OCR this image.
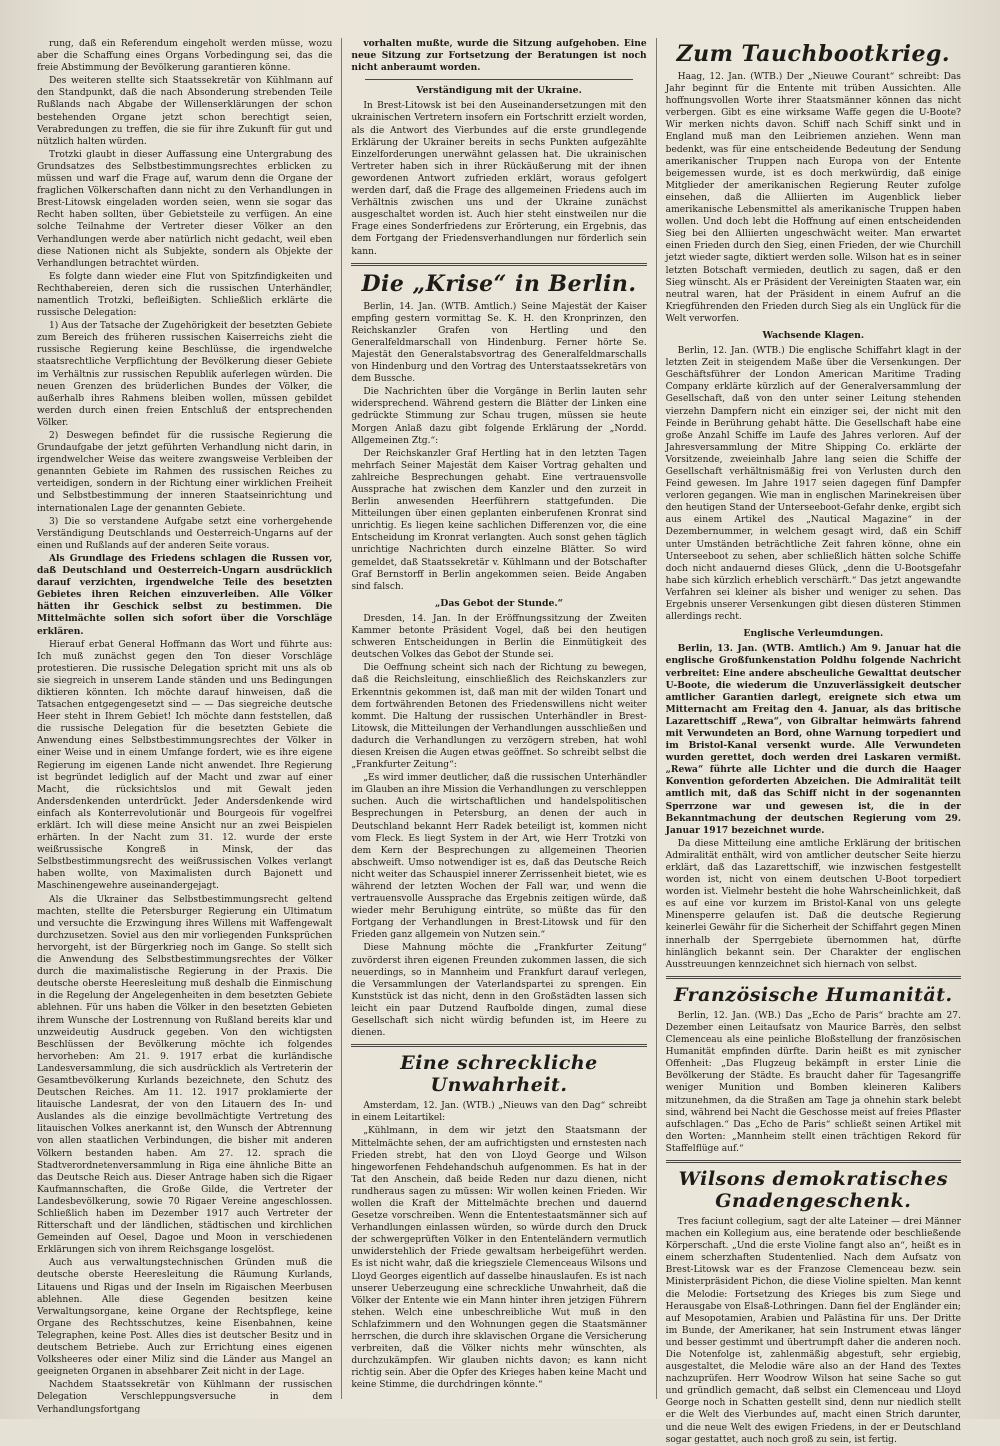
rung, daß ein Referendum eingeholt werden müsse, wozu aber die Schaffung eines Organs Vorbedingung sei, das die freie Abstimmung der Bevölkerung garantieren könne.

Des weiteren stellte sich Staatssekretär von Kühlmann auf den Standpunkt, daß die nach Absonderung strebenden Teile Rußlands nach Abgabe der Willenserklärungen der schon bestehenden Organe jetzt schon berechtigt seien, Verabredungen zu treffen, die sie für ihre Zukunft für gut und nützlich halten würden.

Trotzki glaubt in dieser Auffassung eine Untergrabung des Grundsatzes des Selbstbestimmungsrechtes erblicken zu müssen und warf die Frage auf, warum denn die Organe der fraglichen Völkerschaften dann nicht zu den Verhandlungen in Brest-Litowsk eingeladen worden seien, wenn sie sogar das Recht haben sollten, über Gebietsteile zu verfügen. An eine solche Teilnahme der Vertreter dieser Völker an den Verhandlungen werde aber natürlich nicht gedacht, weil eben diese Nationen nicht als Subjekte, sondern als Objekte der Verhandlungen betrachtet würden.

Es folgte dann wieder eine Flut von Spitzfindigkeiten und Rechthabereien, deren sich die russischen Unterhändler, namentlich Trotzki, befleißigten. Schließlich erklärte die russische Delegation:

1) Aus der Tatsache der Zugehörigkeit der besetzten Gebiete zum Bereich des früheren russischen Kaiserreichs zieht die russische Regierung keine Beschlüsse, die irgendwelche staatsrechtliche Verpflichtung der Bevölkerung dieser Gebiete im Verhältnis zur russischen Republik auferlegen würden. Die neuen Grenzen des brüderlichen Bundes der Völker, die außerhalb ihres Rahmens bleiben wollen, müssen gebildet werden durch einen freien Entschluß der entsprechenden Völker.

2) Deswegen befindet für die russische Regierung die Grundaufgabe der jetzt geführten Verhandlung nicht darin, in irgendwelcher Weise das weitere zwangsweise Verbleiben der genannten Gebiete im Rahmen des russischen Reiches zu verteidigen, sondern in der Richtung einer wirklichen Freiheit und Selbstbestimmung der inneren Staatseinrichtung und internationalen Lage der genannten Gebiete.

3) Die so verstandene Aufgabe setzt eine vorhergehende Verständigung Deutschlands und Oesterreich-Ungarns auf der einen und Rußlands auf der anderen Seite voraus.

Als Grundlage des Friedens schlagen die Russen vor, daß Deutschland und Oesterreich-Ungarn ausdrücklich darauf verzichten, irgendwelche Teile des besetzten Gebietes ihren Reichen einzuverleiben. Alle Völker hätten ihr Geschick selbst zu bestimmen. Die Mittelmächte sollen sich sofort über die Vorschläge erklären.

Hierauf erbat General Hoffmann das Wort und führte aus: Ich muß zunächst gegen den Ton dieser Vorschläge protestieren. Die russische Delegation spricht mit uns als ob sie siegreich in unserem Lande ständen und uns Bedingungen diktieren könnten. Ich möchte darauf hinweisen, daß die Tatsachen entgegengesetzt sind — — Das siegreiche deutsche Heer steht in Ihrem Gebiet! Ich möchte dann feststellen, daß die russische Delegation für die besetzten Gebiete die Anwendung eines Selbstbestimmungsrechtes der Völker in einer Weise und in einem Umfange fordert, wie es ihre eigene Regierung im eigenen Lande nicht anwendet. Ihre Regierung ist begründet lediglich auf der Macht und zwar auf einer Macht, die rücksichtslos und mit Gewalt jeden Andersdenkenden unterdrückt. Jeder Andersdenkende wird einfach als Konterrevolutionär und Bourgeois für vogelfrei erklärt. Ich will diese meine Ansicht nur an zwei Beispielen erhärten. In der Nacht zum 31. 12. wurde der erste weißrussische Kongreß in Minsk, der das Selbstbestimmungsrecht des weißrussischen Volkes verlangt haben wollte, von Maximalisten durch Bajonett und Maschinengewehre auseinandergejagt.

Als die Ukrainer das Selbstbestimmungsrecht geltend machten, stellte die Petersburger Regierung ein Ultimatum und versuchte die Erzwingung ihres Willens mit Waffengewalt durchzusetzen. Soviel aus den mir vorliegenden Funksprüchen hervorgeht, ist der Bürgerkrieg noch im Gange. So stellt sich die Anwendung des Selbstbestimmungsrechtes der Völker durch die maximalistische Regierung in der Praxis. Die deutsche oberste Heeresleitung muß deshalb die Einmischung in die Regelung der Angelegenheiten in dem besetzten Gebiete ablehnen. Für uns haben die Völker in den besetzten Gebieten ihrem Wunsche der Lostrennung von Rußland bereits klar und unzweideutig Ausdruck gegeben. Von den wichtigsten Beschlüssen der Bevölkerung möchte ich folgendes hervorheben: Am 21. 9. 1917 erbat die kurländische Landesversammlung, die sich ausdrücklich als Vertreterin der Gesamtbevölkerung Kurlands bezeichnete, den Schutz des Deutschen Reiches. Am 11. 12. 1917 proklamierte der litauische Landesrat, der von den Litauern des In- und Auslandes als die einzige bevollmächtigte Vertretung des litauischen Volkes anerkannt ist, den Wunsch der Abtrennung von allen staatlichen Verbindungen, die bisher mit anderen Völkern bestanden haben. Am 27. 12. sprach die Stadtverordnetenversammlung in Riga eine ähnliche Bitte an das Deutsche Reich aus. Dieser Antrage haben sich die Rigaer Kaufmannschaften, die Große Gilde, die Vertreter der Landesbevölkerung, sowie 70 Rigaer Vereine angeschlossen. Schließlich haben im Dezember 1917 auch Vertreter der Ritterschaft und der ländlichen, städtischen und kirchlichen Gemeinden auf Oesel, Dagoe und Moon in verschiedenen Erklärungen sich von ihrem Reichsgange losgelöst.

Auch aus verwaltungstechnischen Gründen muß die deutsche oberste Heeresleitung die Räumung Kurlands, Litauens und Rigas und der Inseln im Rigaischen Meerbusen ablehnen. Alle diese Gegenden besitzen keine Verwaltungsorgane, keine Organe der Rechtspflege, keine Organe des Rechtsschutzes, keine Eisenbahnen, keine Telegraphen, keine Post. Alles dies ist deutscher Besitz und in deutschem Betriebe. Auch zur Errichtung eines eigenen Volksheeres oder einer Miliz sind die Länder aus Mangel an geeigneten Organen in absehbarer Zeit nicht in der Lage.

Nachdem Staatssekretär von Kühlmann der russischen Delegation Verschleppungsversuche in dem Verhandlungsfortgang

vorhalten mußte, wurde die Sitzung aufgehoben. Eine neue Sitzung zur Fortsetzung der Beratungen ist noch nicht anberaumt worden.

Verständigung mit der Ukraine.

In Brest-Litowsk ist bei den Auseinandersetzungen mit den ukrainischen Vertretern insofern ein Fortschritt erzielt worden, als die Antwort des Vierbundes auf die erste grundlegende Erklärung der Ukrainer bereits in sechs Punkten aufgezählte Einzelforderungen unerwähnt gelassen hat. Die ukrainischen Vertreter haben sich in ihrer Rückäußerung mit der ihnen gewordenen Antwort zufrieden erklärt, woraus gefolgert werden darf, daß die Frage des allgemeinen Friedens auch im Verhältnis zwischen uns und der Ukraine zunächst ausgeschaltet worden ist. Auch hier steht einstweilen nur die Frage eines Sonderfriedens zur Erörterung, ein Ergebnis, das dem Fortgang der Friedensverhandlungen nur förderlich sein kann.

Die „Krise“ in Berlin.

Berlin, 14. Jan. (WTB. Amtlich.) Seine Majestät der Kaiser empfing gestern vormittag Se. K. H. den Kronprinzen, den Reichskanzler Grafen von Hertling und den Generalfeldmarschall von Hindenburg. Ferner hörte Se. Majestät den Generalstabsvortrag des Generalfeldmarschalls von Hindenburg und den Vortrag des Unterstaatssekretärs von dem Bussche.

Die Nachrichten über die Vorgänge in Berlin lauten sehr widersprechend. Während gestern die Blätter der Linken eine gedrückte Stimmung zur Schau trugen, müssen sie heute Morgen Anlaß dazu gibt folgende Erklärung der „Nordd. Allgemeinen Ztg.“:

Der Reichskanzler Graf Hertling hat in den letzten Tagen mehrfach Seiner Majestät dem Kaiser Vortrag gehalten und zahlreiche Besprechungen gehabt. Eine vertrauensvolle Aussprache hat zwischen dem Kanzler und den zurzeit in Berlin anwesenden Heerführern stattgefunden. Die Mitteilungen über einen geplanten einberufenen Kronrat sind unrichtig. Es liegen keine sachlichen Differenzen vor, die eine Entscheidung im Kronrat verlangten. Auch sonst gehen täglich unrichtige Nachrichten durch einzelne Blätter. So wird gemeldet, daß Staatssekretär v. Kühlmann und der Botschafter Graf Bernstorff in Berlin angekommen seien. Beide Angaben sind falsch.

„Das Gebot der Stunde.“

Dresden, 14. Jan. In der Eröffnungssitzung der Zweiten Kammer betonte Präsident Vogel, daß bei den heutigen schweren Entscheidungen in Berlin die Einmütigkeit des deutschen Volkes das Gebot der Stunde sei.

Die Oeffnung scheint sich nach der Richtung zu bewegen, daß die Reichsleitung, einschließlich des Reichskanzlers zur Erkenntnis gekommen ist, daß man mit der wilden Tonart und dem fortwährenden Betonen des Friedenswillens nicht weiter kommt. Die Haltung der russischen Unterhändler in Brest-Litowsk, die Mitteilungen der Verhandlungen ausschließen und dadurch die Verhandlungen zu verzögern streben, hat wohl diesen Kreisen die Augen etwas geöffnet. So schreibt selbst die „Frankfurter Zeitung“:

„Es wird immer deutlicher, daß die russischen Unterhändler im Glauben an ihre Mission die Verhandlungen zu verschleppen suchen. Auch die wirtschaftlichen und handelspolitischen Besprechungen in Petersburg, an denen der auch in Deutschland bekannt Herr Radek beteiligt ist, kommen nicht vom Fleck. Es liegt System in der Art, wie Herr Trotzki von dem Kern der Besprechungen zu allgemeinen Theorien abschweift. Umso notwendiger ist es, daß das Deutsche Reich nicht weiter das Schauspiel innerer Zerrissenheit bietet, wie es während der letzten Wochen der Fall war, und wenn die vertrauensvolle Aussprache das Ergebnis zeitigen würde, daß wieder mehr Beruhigung eintrüte, so müßte das für den Fortgang der Verhandlungen in Brest-Litowsk und für den Frieden ganz allgemein von Nutzen sein.“

Diese Mahnung möchte die „Frankfurter Zeitung“ zuvörderst ihren eigenen Freunden zukommen lassen, die sich neuerdings, so in Mannheim und Frankfurt darauf verlegen, die Versammlungen der Vaterlandspartei zu sprengen. Ein Kunststück ist das nicht, denn in den Großstädten lassen sich leicht ein paar Dutzend Raufbolde dingen, zumal diese Gesellschaft sich nicht würdig befunden ist, im Heere zu dienen.

Eine schreckliche Unwahrheit.

Amsterdam, 12. Jan. (WTB.) „Nieuws van den Dag“ schreibt in einem Leitartikel:

„Kühlmann, in dem wir jetzt den Staatsmann der Mittelmächte sehen, der am aufrichtigsten und ernstesten nach Frieden strebt, hat den von Lloyd George und Wilson hingeworfenen Fehdehandschuh aufgenommen. Es hat in der Tat den Anschein, daß beide Reden nur dazu dienen, nicht rundheraus sagen zu müssen: Wir wollen keinen Frieden. Wir wollen die Kraft der Mittelmächte brechen und dauernd Gesetze vorschreiben. Wenn die Ententestaatsmänner sich auf Verhandlungen einlassen würden, so würde durch den Druck der schwergeprüften Völker in den Ententeländern vermutlich unwiderstehlich der Friede gewaltsam herbeigeführt werden. Es ist nicht wahr, daß die kriegsziele Clemenceaus Wilsons und Lloyd Georges eigentlich auf dasselbe hinauslaufen. Es ist nach unserer Ueberzeugung eine schreckliche Unwahrheit, daß die Völker der Entente wie ein Mann hinter ihren jetzigen Führern stehen. Welch eine unbeschreibliche Wut muß in den Schlafzimmern und den Wohnungen gegen die Staatsmänner herrschen, die durch ihre sklavischen Organe die Versicherung verbreiten, daß die Völker nichts mehr wünschten, als durchzukämpfen. Wir glauben nichts davon; es kann nicht richtig sein. Aber die Opfer des Krieges haben keine Macht und keine Stimme, die durchdringen könnte.“

Zum Tauchbootkrieg.

Haag, 12. Jan. (WTB.) Der „Nieuwe Courant“ schreibt: Das Jahr beginnt für die Entente mit trüben Aussichten. Alle hoffnungsvollen Worte ihrer Staatsmänner können das nicht verbergen. Gibt es eine wirksame Waffe gegen die U-Boote? Wir merken nichts davon. Schiff nach Schiff sinkt und in England muß man den Leibriemen anziehen. Wenn man bedenkt, was für eine entscheidende Bedeutung der Sendung amerikanischer Truppen nach Europa von der Entente beigemessen wurde, ist es doch merkwürdig, daß einige Mitglieder der amerikanischen Regierung Reuter zufolge einsehen, daß die Alliierten im Augenblick lieber amerikanische Lebensmittel als amerikanische Truppen haben wollen. Und doch lebt die Hoffnung auf einen entscheidenden Sieg bei den Alliierten ungeschwächt weiter. Man erwartet einen Frieden durch den Sieg, einen Frieden, der wie Churchill jetzt wieder sagte, diktiert werden solle. Wilson hat es in seiner letzten Botschaft vermieden, deutlich zu sagen, daß er den Sieg wünscht. Als er Präsident der Vereinigten Staaten war, ein neutral waren, hat der Präsident in einem Aufruf an die Kriegführenden den Frieden durch Sieg als ein Unglück für die Welt verworfen.

Wachsende Klagen.

Berlin, 12. Jan. (WTB.) Die englische Schiffahrt klagt in der letzten Zeit in steigendem Maße über die Versenkungen. Der Geschäftsführer der London American Maritime Trading Company erklärte kürzlich auf der Generalversammlung der Gesellschaft, daß von den unter seiner Leitung stehenden vierzehn Dampfern nicht ein einziger sei, der nicht mit den Feinde in Berührung gehabt hätte. Die Gesellschaft habe eine große Anzahl Schiffe im Laufe des Jahres verloren. Auf der Jahresversammlung der Mitre Shipping Co. erklärte der Vorsitzende, zweieinhalb Jahre lang seien die Schiffe der Gesellschaft verhältnismäßig frei von Verlusten durch den Feind gewesen. Im Jahre 1917 seien dagegen fünf Dampfer verloren gegangen. Wie man in englischen Marinekreisen über den heutigen Stand der Unterseeboot-Gefahr denke, ergibt sich aus einem Artikel des „Nautical Magazine“ in der Dezembernummer, in welchem gesagt wird, daß ein Schiff unter Umständen beträchtliche Zeit fahren könne, ohne ein Unterseeboot zu sehen, aber schließlich hätten solche Schiffe doch nicht andauernd dieses Glück, „denn die U-Bootsgefahr habe sich kürzlich erheblich verschärft.“ Das jetzt angewandte Verfahren sei kleiner als bisher und weniger zu sehen. Das Ergebnis unserer Versenkungen gibt diesen düsteren Stimmen allerdings recht.

Englische Verleumdungen.

Berlin, 13. Jan. (WTB. Amtlich.) Am 9. Januar hat die englische Großfunkenstation Poldhu folgende Nachricht verbreitet: Eine andere abscheuliche Gewalttat deutscher U-Boote, die wiederum die Unzuverlässigkeit deutscher amtlicher Garantien darlegt, ereignete sich etwa um Mitternacht am Freitag den 4. Januar, als das britische Lazarettschiff „Rewa“, von Gibraltar heimwärts fahrend mit Verwundeten an Bord, ohne Warnung torpediert und im Bristol-Kanal versenkt wurde. Alle Verwundeten wurden gerettet, doch werden drei Laskaren vermißt. „Rewa“ führte alle Lichter und die durch die Haager Konvention geforderten Abzeichen. Die Admiralität teilt amtlich mit, daß das Schiff nicht in der sogenannten Sperrzone war und gewesen ist, die in der Bekanntmachung der deutschen Regierung vom 29. Januar 1917 bezeichnet wurde.

Da diese Mitteilung eine amtliche Erklärung der britischen Admiralität enthält, wird von amtlicher deutscher Seite hierzu erklärt, daß das Lazarettschiff, wie inzwischen festgestellt worden ist, nicht von einem deutschen U-Boot torpediert worden ist. Vielmehr besteht die hohe Wahrscheinlichkeit, daß es auf eine vor kurzem im Bristol-Kanal von uns gelegte Minensperre gelaufen ist. Daß die deutsche Regierung keinerlei Gewähr für die Sicherheit der Schiffahrt gegen Minen innerhalb der Sperrgebiete übernommen hat, dürfte hinlänglich bekannt sein. Der Charakter der englischen Ausstreuungen kennzeichnet sich hiernach von selbst.

Französische Humanität.

Berlin, 12. Jan. (WB.) Das „Echo de Paris“ brachte am 27. Dezember einen Leitaufsatz von Maurice Barrès, den selbst Clemenceau als eine peinliche Bloßstellung der französischen Humanität empfinden dürfte. Darin heißt es mit zynischer Offenheit: „Das Flugzeug bekämpft in erster Linie die Bevölkerung der Städte. Es braucht daher für Tagesangriffe weniger Munition und Bomben kleineren Kalibers mitzunehmen, da die Straßen am Tage ja ohnehin stark belebt sind, während bei Nacht die Geschosse meist auf freies Pflaster aufschlagen.“ Das „Echo de Paris“ schließt seinen Artikel mit den Worten: „Mannheim stellt einen trächtigen Rekord für Staffelflüge auf.“

Wilsons demokratisches Gnadengeschenk.

Tres faciunt collegium, sagt der alte Lateiner — drei Männer machen ein Kollegium aus, eine beratende oder beschließende Körperschaft. „Und die erste Violine fangt also an“, heißt es in einem scherzhaften Studentenlied. Nach dem Aufsatz von Brest-Litowsk war es der Franzose Clemenceau bezw. sein Ministerpräsident Pichon, die diese Violine spielten. Man kennt die Melodie: Fortsetzung des Krieges bis zum Siege und Herausgabe von Elsaß-Lothringen. Dann fiel der Engländer ein; auf Mesopotamien, Arabien und Palästina für uns. Der Dritte im Bunde, der Amerikaner, hat sein Instrument etwas länger und besser gestimmt und übertrumpft daher die anderen noch. Die Notenfolge ist, zahlenmäßig abgestuft, sehr ergiebig, ausgestaltet, die Melodie wäre also an der Hand des Textes nachzuprüfen. Herr Woodrow Wilson hat seine Sache so gut und gründlich gemacht, daß selbst ein Clemenceau und Lloyd George noch in Schatten gestellt sind, denn nur niedlich stellt er die Welt des Vierbundes auf, macht einen Strich darunter, und die neue Welt des ewigen Friedens, in der er Deutschland sogar gestattet, auch noch groß zu sein, ist fertig.
